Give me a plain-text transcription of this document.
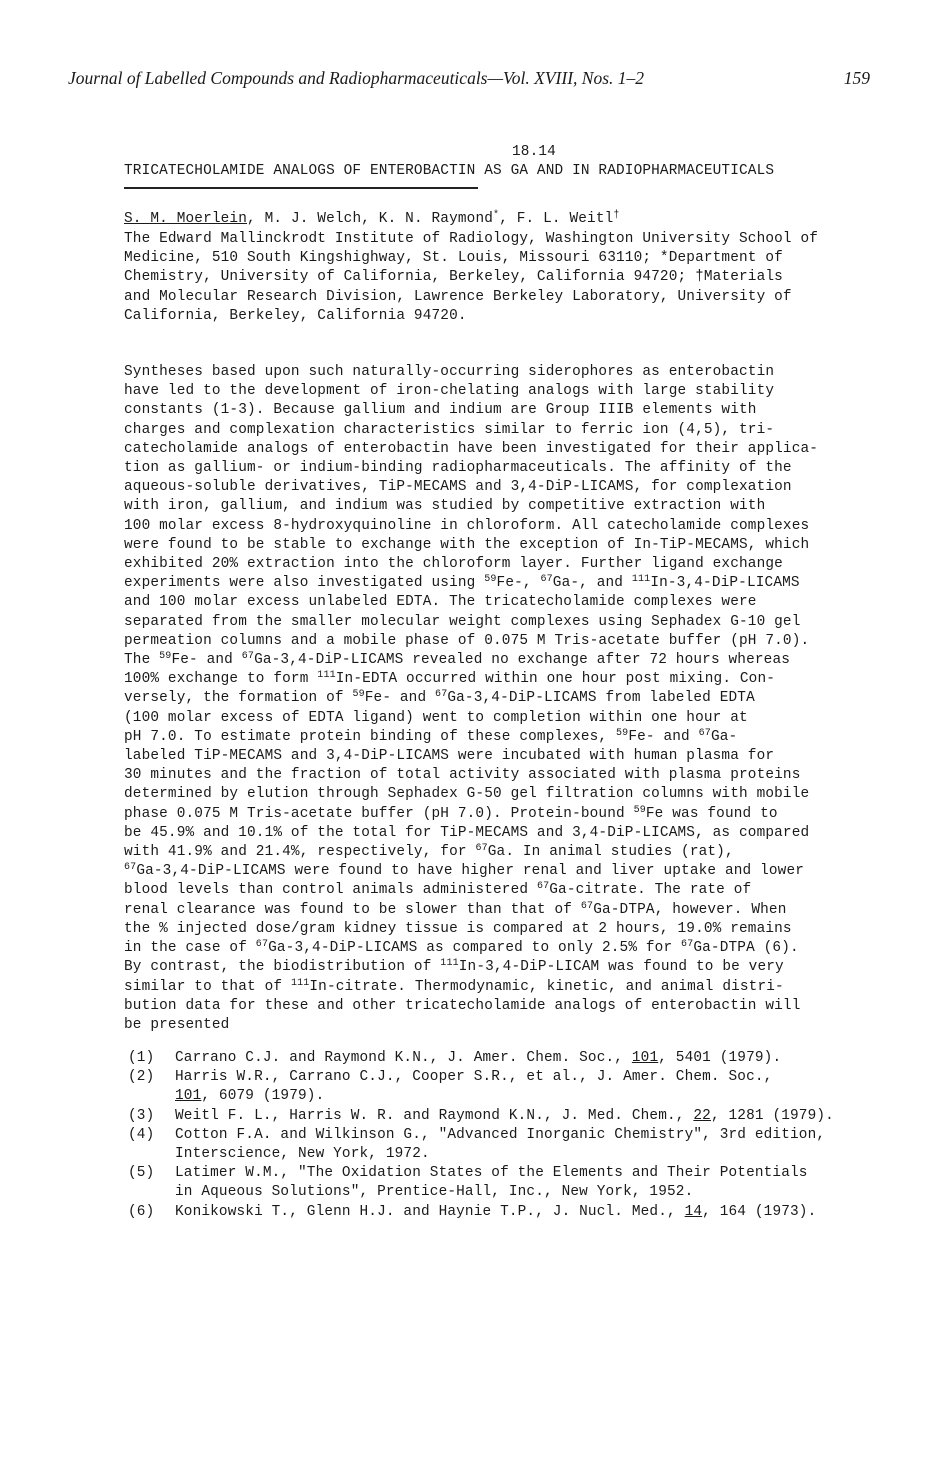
Journal of Labelled Compounds and Radiopharmaceuticals—Vol. XVIII, Nos. 1–2	159
18.14
TRICATECHOLAMIDE ANALOGS OF ENTEROBACTIN AS GA AND IN RADIOPHARMACEUTICALS
S. M. Moerlein, M. J. Welch, K. N. Raymond*, F. L. Weitl†
The Edward Mallinckrodt Institute of Radiology, Washington University School of
Medicine, 510 South Kingshighway, St. Louis, Missouri 63110; *Department of
Chemistry, University of California, Berkeley, California 94720; †Materials
and Molecular Research Division, Lawrence Berkeley Laboratory, University of
California, Berkeley, California 94720.
Syntheses based upon such naturally-occurring siderophores as enterobactin
have led to the development of iron-chelating analogs with large stability
constants (1-3). Because gallium and indium are Group IIIB elements with
charges and complexation characteristics similar to ferric ion (4,5), tri-
catecholamide analogs of enterobactin have been investigated for their applica-
tion as gallium- or indium-binding radiopharmaceuticals. The affinity of the
aqueous-soluble derivatives, TiP-MECAMS and 3,4-DiP-LICAMS, for complexation
with iron, gallium, and indium was studied by competitive extraction with
100 molar excess 8-hydroxyquinoline in chloroform. All catecholamide complexes
were found to be stable to exchange with the exception of In-TiP-MECAMS, which
exhibited 20% extraction into the chloroform layer. Further ligand exchange
experiments were also investigated using $^{59}$Fe-, $^{67}$Ga-, and $^{111}$In-3,4-DiP-LICAMS
and 100 molar excess unlabeled EDTA. The tricatecholamide complexes were
separated from the smaller molecular weight complexes using Sephadex G-10 gel
permeation columns and a mobile phase of 0.075 M Tris-acetate buffer (pH 7.0).
The $^{59}$Fe- and $^{67}$Ga-3,4-DiP-LICAMS revealed no exchange after 72 hours whereas
100% exchange to form $^{111}$In-EDTA occurred within one hour post mixing. Con-
versely, the formation of $^{59}$Fe- and $^{67}$Ga-3,4-DiP-LICAMS from labeled EDTA
(100 molar excess of EDTA ligand) went to completion within one hour at
pH 7.0. To estimate protein binding of these complexes, $^{59}$Fe- and $^{67}$Ga-
labeled TiP-MECAMS and 3,4-DiP-LICAMS were incubated with human plasma for
30 minutes and the fraction of total activity associated with plasma proteins
determined by elution through Sephadex G-50 gel filtration columns with mobile
phase 0.075 M Tris-acetate buffer (pH 7.0). Protein-bound $^{59}$Fe was found to
be 45.9% and 10.1% of the total for TiP-MECAMS and 3,4-DiP-LICAMS, as compared
with 41.9% and 21.4%, respectively, for $^{67}$Ga. In animal studies (rat),
$^{67}$Ga-3,4-DiP-LICAMS were found to have higher renal and liver uptake and lower
blood levels than control animals administered $^{67}$Ga-citrate. The rate of
renal clearance was found to be slower than that of $^{67}$Ga-DTPA, however. When
the % injected dose/gram kidney tissue is compared at 2 hours, 19.0% remains
in the case of $^{67}$Ga-3,4-DiP-LICAMS as compared to only 2.5% for $^{67}$Ga-DTPA (6).
By contrast, the biodistribution of $^{111}$In-3,4-DiP-LICAM was found to be very
similar to that of $^{111}$In-citrate. Thermodynamic, kinetic, and animal distri-
bution data for these and other tricatecholamide analogs of enterobactin will
be presented
(1) Carrano C.J. and Raymond K.N., J. Amer. Chem. Soc., 101, 5401 (1979).
(2) Harris W.R., Carrano C.J., Cooper S.R., et al., J. Amer. Chem. Soc.,
101, 6079 (1979).
(3) Weitl F. L., Harris W. R. and Raymond K.N., J. Med. Chem., 22, 1281 (1979).
(4) Cotton F.A. and Wilkinson G., "Advanced Inorganic Chemistry", 3rd edition,
Interscience, New York, 1972.
(5) Latimer W.M., "The Oxidation States of the Elements and Their Potentials
in Aqueous Solutions", Prentice-Hall, Inc., New York, 1952.
(6) Konikowski T., Glenn H.J. and Haynie T.P., J. Nucl. Med., 14, 164 (1973).
